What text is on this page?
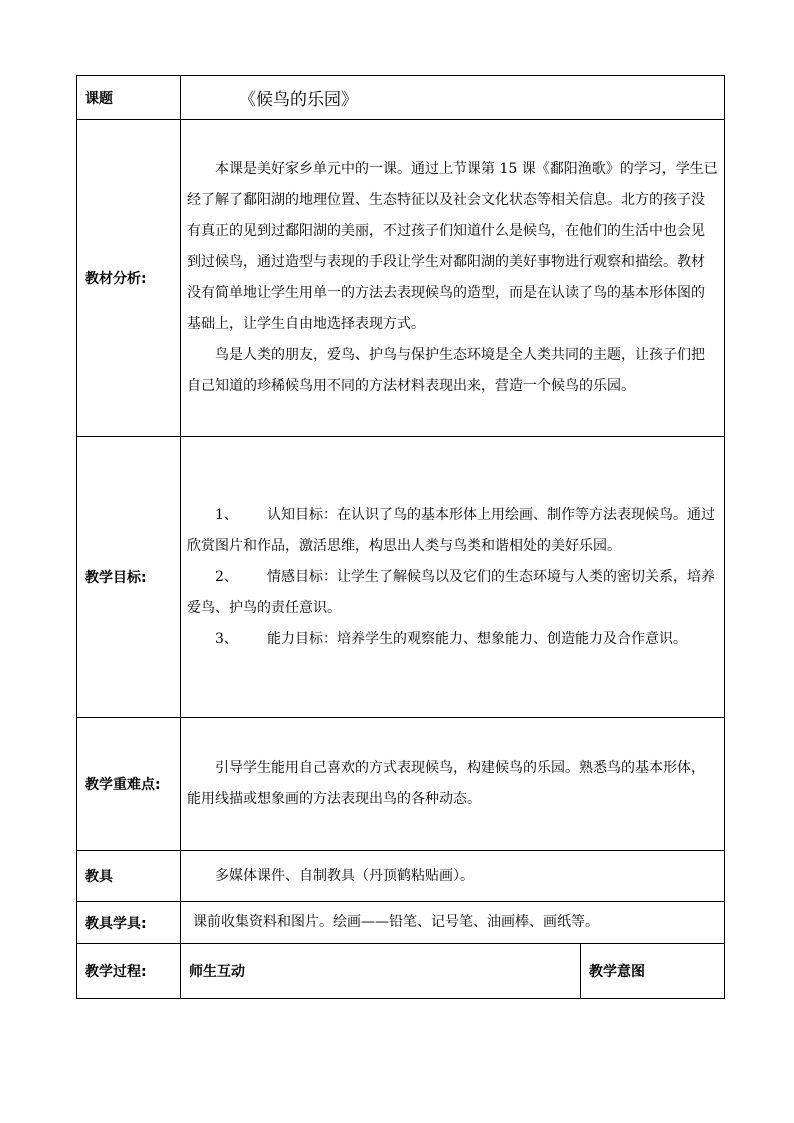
课题	《候鸟的乐园》	
教材分析:	本课是美好家乡单元中的一课。通过上节课第 15 课《鄱阳渔歌》的学习，学生已经了解了鄱阳湖的地理位置、生态特征以及社会文化状态等相关信息。北方的孩子没有真正的见到过鄱阳湖的美丽，不过孩子们知道什么是候鸟，在他们的生活中也会见到过候鸟，通过造型与表现的手段让学生对鄱阳湖的美好事物进行观察和描绘。教材没有简单地让学生用单一的方法去表现候鸟的造型，而是在认读了鸟的基本形体图的基础上，让学生自由地选择表现方式。

鸟是人类的朋友，爱鸟、护鸟与保护生态环境是全人类共同的主题，让孩子们把自己知道的珍稀候鸟用不同的方法材料表现出来，营造一个候鸟的乐园。	

教学目标:	1、 认知目标：在认识了鸟的基本形体上用绘画、制作等方法表现候鸟。通过欣赏图片和作品，激活思维，构思出人类与鸟类和谐相处的美好乐园。

2、 情感目标：让学生了解候鸟以及它们的生态环境与人类的密切关系，培养爱鸟、护鸟的责任意识。

3、 能力目标：培养学生的观察能力、想象能力、创造能力及合作意识。	

教学重难点:	引导学生能用自己喜欢的方式表现候鸟，构建候鸟的乐园。熟悉鸟的基本形体，能用线描或想象画的方法表现出鸟的各种动态。	

教具	多媒体课件、自制教具（丹顶鹤粘贴画）。	

教具学具:	课前收集资料和图片。绘画——铅笔、记号笔、油画棒、画纸等。	

教学过程:	师生互动	教学意图
